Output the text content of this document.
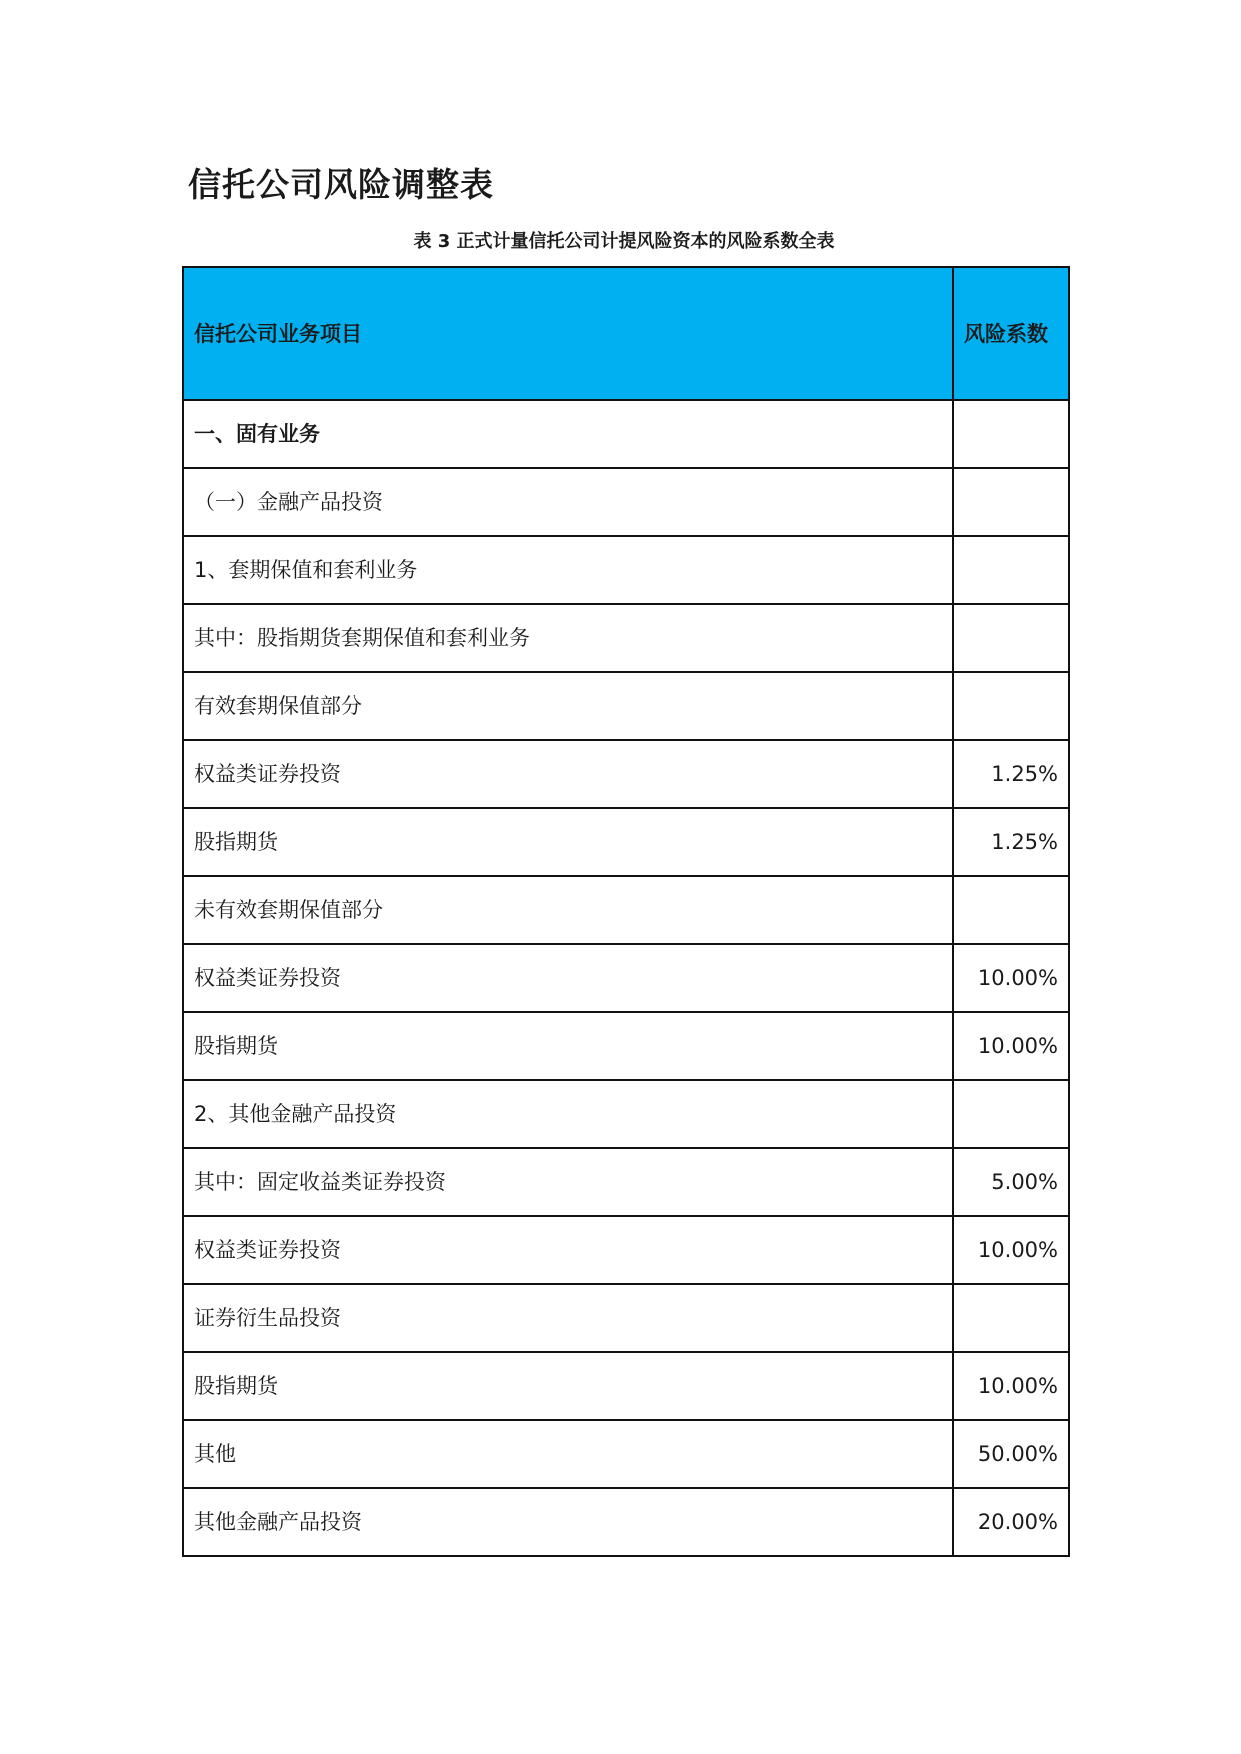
信托公司风险调整表
表 3 正式计量信托公司计提风险资本的风险系数全表
信托公司业务项目	风险系数
一、固有业务	
（一）金融产品投资	
1、套期保值和套利业务	
其中：股指期货套期保值和套利业务	
有效套期保值部分	
权益类证券投资	1.25%
股指期货	1.25%
未有效套期保值部分	
权益类证券投资	10.00%
股指期货	10.00%
2、其他金融产品投资	
其中：固定收益类证券投资	5.00%
权益类证券投资	10.00%
证券衍生品投资	
股指期货	10.00%
其他	50.00%
其他金融产品投资	20.00%
